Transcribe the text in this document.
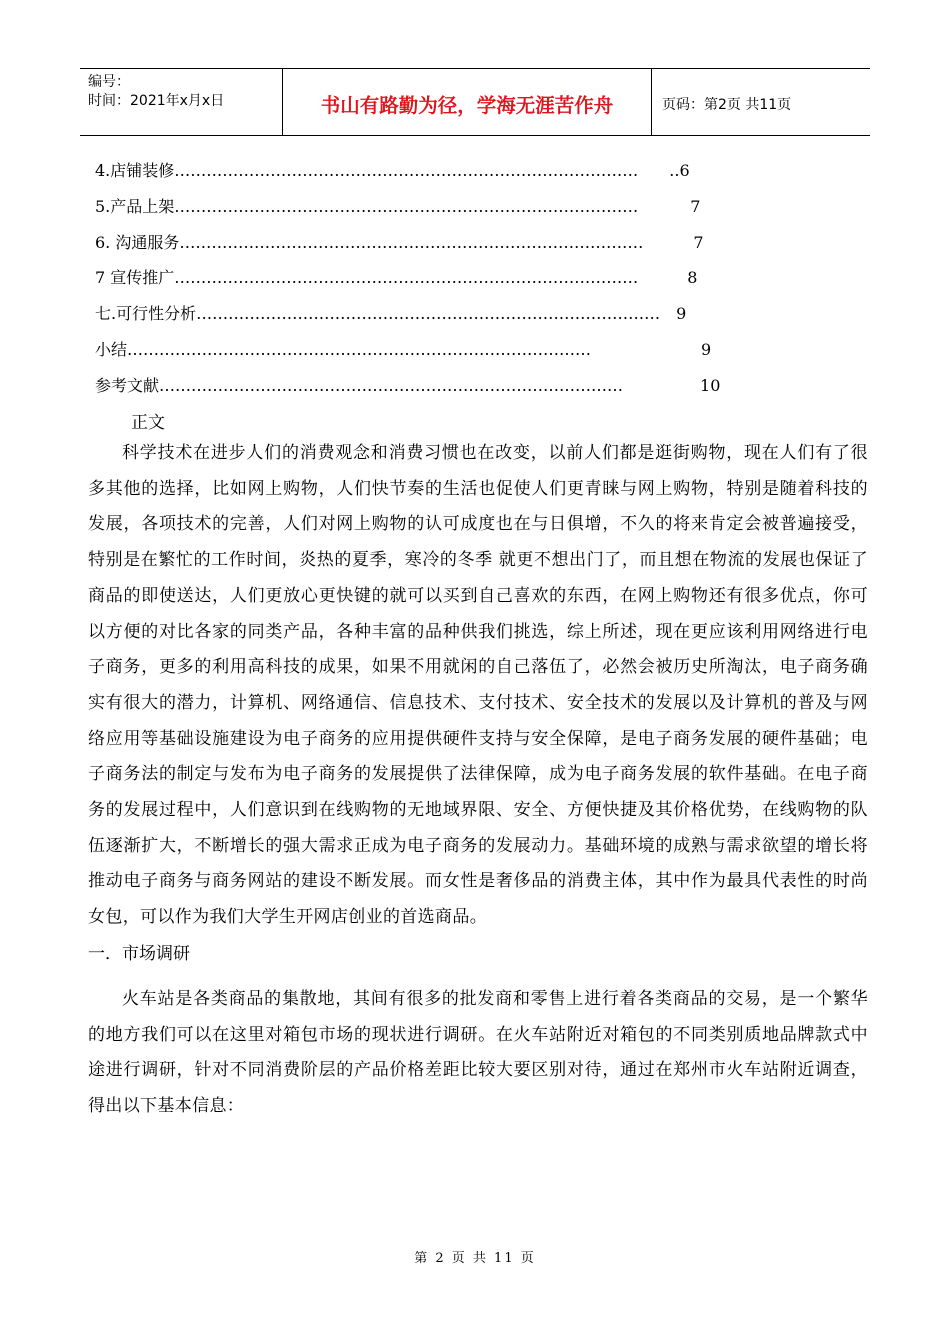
编号：
时间：2021年x月x日	书山有路勤为径，学海无涯苦作舟	页码：第2页 共11页
4.店铺装修 ……………………………………………………………………………	..6
5.产品上架 ……………………………………………………………………………	7
6. 沟通服务 ……………………………………………………………………………	7
7 宣传推广 ……………………………………………………………………………	8
七.可行性分析 ……………………………………………………………………………	9
小结 ……………………………………………………………………………	9
参考文献 ……………………………………………………………………………	10
正文

科学技术在进步人们的消费观念和消费习惯也在改变，以前人们都是逛街购物，现在人们有了很多其他的选择，比如网上购物，人们快节奏的生活也促使人们更青睐与网上购物，特别是随着科技的发展，各项技术的完善，人们对网上购物的认可成度也在与日俱增，不久的将来肯定会被普遍接受，特别是在繁忙的工作时间，炎热的夏季，寒冷的冬季 就更不想出门了，而且想在物流的发展也保证了商品的即使送达，人们更放心更快键的就可以买到自己喜欢的东西，在网上购物还有很多优点，你可以方便的对比各家的同类产品，各种丰富的品种供我们挑选，综上所述，现在更应该利用网络进行电子商务，更多的利用高科技的成果，如果不用就闲的自己落伍了，必然会被历史所淘汰，电子商务确实有很大的潜力，计算机、网络通信、信息技术、支付技术、安全技术的发展以及计算机的普及与网络应用等基础设施建设为电子商务的应用提供硬件支持与安全保障，是电子商务发展的硬件基础；电子商务法的制定与发布为电子商务的发展提供了法律保障，成为电子商务发展的软件基础。在电子商务的发展过程中，人们意识到在线购物的无地域界限、安全、方便快捷及其价格优势，在线购物的队伍逐渐扩大，不断增长的强大需求正成为电子商务的发展动力。基础环境的成熟与需求欲望的增长将推动电子商务与商务网站的建设不断发展。而女性是奢侈品的消费主体，其中作为最具代表性的时尚女包，可以作为我们大学生开网店创业的首选商品。

一．市场调研

火车站是各类商品的集散地，其间有很多的批发商和零售上进行着各类商品的交易，是一个繁华的地方我们可以在这里对箱包市场的现状进行调研。在火车站附近对箱包的不同类别质地品牌款式中途进行调研，针对不同消费阶层的产品价格差距比较大要区别对待，通过在郑州市火车站附近调查，得出以下基本信息：

第 2 页 共 11 页
